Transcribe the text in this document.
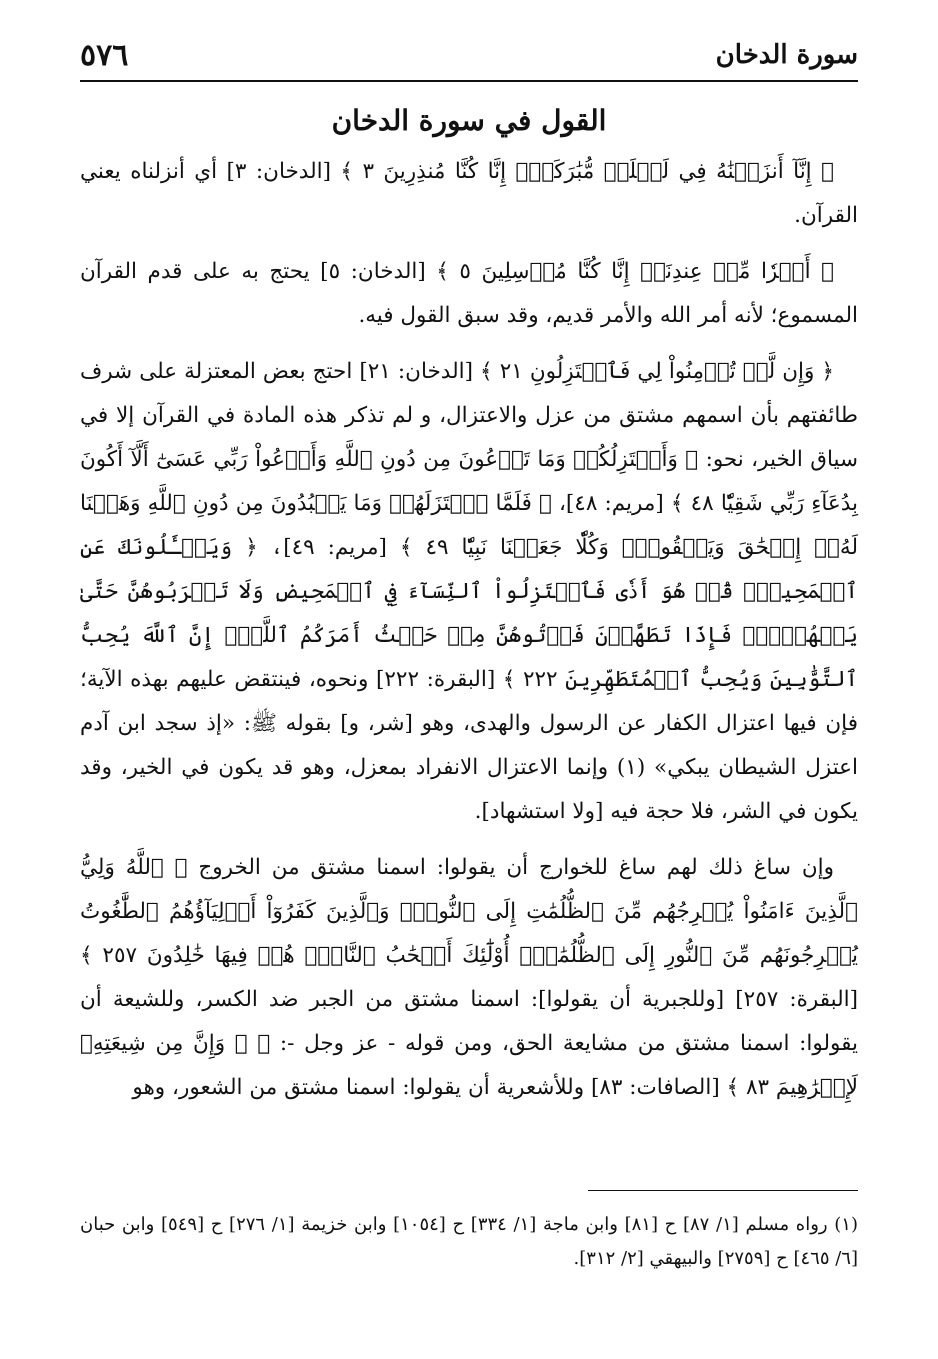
سورة الدخان
٥٧٦
القول في سورة الدخان

﴿ إِنَّآ أَنزَلۡنَٰهُ فِي لَيۡلَةٖ مُّبَٰرَكَةٍۚ إِنَّا كُنَّا مُنذِرِينَ ٣ ﴾ [الدخان: ٣] أي أنزلناه يعني القرآن.

﴿ أَمۡرٗا مِّنۡ عِندِنَآۚ إِنَّا كُنَّا مُرۡسِلِينَ ٥ ﴾ [الدخان: ٥] يحتج به على قدم القرآن المسموع؛ لأنه أمر الله والأمر قديم، وقد سبق القول فيه.

﴿ وَإِن لَّمۡ تُؤۡمِنُواْ لِي فَٱعۡتَزِلُونِ ٢١ ﴾ [الدخان: ٢١] احتج بعض المعتزلة على شرف طائفتهم بأن اسمهم مشتق من عزل والاعتزال، و لم تذكر هذه المادة في القرآن إلا في سياق الخير، نحو: ﴿ وَأَعۡتَزِلُكُمۡ وَمَا تَدۡعُونَ مِن دُونِ ٱللَّهِ وَأَدۡعُواْ رَبِّي عَسَىٰٓ أَلَّآ أَكُونَ بِدُعَآءِ رَبِّي شَقِيّٗا ٤٨ ﴾ [مريم: ٤٨]، ﴿ فَلَمَّا ٱعۡتَزَلَهُمۡ وَمَا يَعۡبُدُونَ مِن دُونِ ٱللَّهِ وَهَبۡنَا لَهُۥٓ إِسۡحَٰقَ وَيَعۡقُوبَۖ وَكُلّٗا جَعَلۡنَا نَبِيّٗا ٤٩ ﴾ [مريم: ٤٩]، ﴿ وَيَسۡـَٔلُونَكَ عَنِ ٱلۡمَحِيضِۖ قُلۡ هُوَ أَذٗى فَٱعۡتَزِلُواْ ٱلنِّسَآءَ فِي ٱلۡمَحِيضِ وَلَا تَقۡرَبُوهُنَّ حَتَّىٰ يَطۡهُرۡنَۖ فَإِذَا تَطَهَّرۡنَ فَأۡتُوهُنَّ مِنۡ حَيۡثُ أَمَرَكُمُ ٱللَّهُۚ إِنَّ ٱللَّهَ يُحِبُّ ٱلتَّوَّٰبِينَ وَيُحِبُّ ٱلۡمُتَطَهِّرِينَ ٢٢٢ ﴾ [البقرة: ٢٢٢] ونحوه، فينتقض عليهم بهذه الآية؛ فإن فيها اعتزال الكفار عن الرسول والهدى، وهو [شر، و] بقوله ﷺ: «إذ سجد ابن آدم اعتزل الشيطان يبكي» (١) وإنما الاعتزال الانفراد بمعزل، وهو قد يكون في الخير، وقد يكون في الشر، فلا حجة فيه [ولا استشهاد].

وإن ساغ ذلك لهم ساغ للخوارج أن يقولوا: اسمنا مشتق من الخروج ﴿ ٱللَّهُ وَلِيُّ ٱلَّذِينَ ءَامَنُواْ يُخۡرِجُهُم مِّنَ ٱلظُّلُمَٰتِ إِلَى ٱلنُّورِۖ وَٱلَّذِينَ كَفَرُوٓاْ أَوۡلِيَآؤُهُمُ ٱلطَّٰغُوتُ يُخۡرِجُونَهُم مِّنَ ٱلنُّورِ إِلَى ٱلظُّلُمَٰتِۗ أُوْلَٰٓئِكَ أَصۡحَٰبُ ٱلنَّارِۖ هُمۡ فِيهَا خَٰلِدُونَ ٢٥٧ ﴾ [البقرة: ٢٥٧] [وللجبرية أن يقولوا]: اسمنا مشتق من الجبر ضد الكسر، وللشيعة أن يقولوا: اسمنا مشتق من مشايعة الحق، ومن قوله - عز وجل -: ﴿ ۞ وَإِنَّ مِن شِيعَتِهِۦ لَإِبۡرَٰهِيمَ ٨٣ ﴾ [الصافات: ٨٣] وللأشعرية أن يقولوا: اسمنا مشتق من الشعور، وهو

(١) رواه مسلم [١/ ٨٧] ح [٨١] وابن ماجة [١/ ٣٣٤] ح [١٠٥٤] وابن خزيمة [١/ ٢٧٦] ح [٥٤٩] وابن حبان [٦/ ٤٦٥] ح [٢٧٥٩] والبيهقي [٢/ ٣١٢].
